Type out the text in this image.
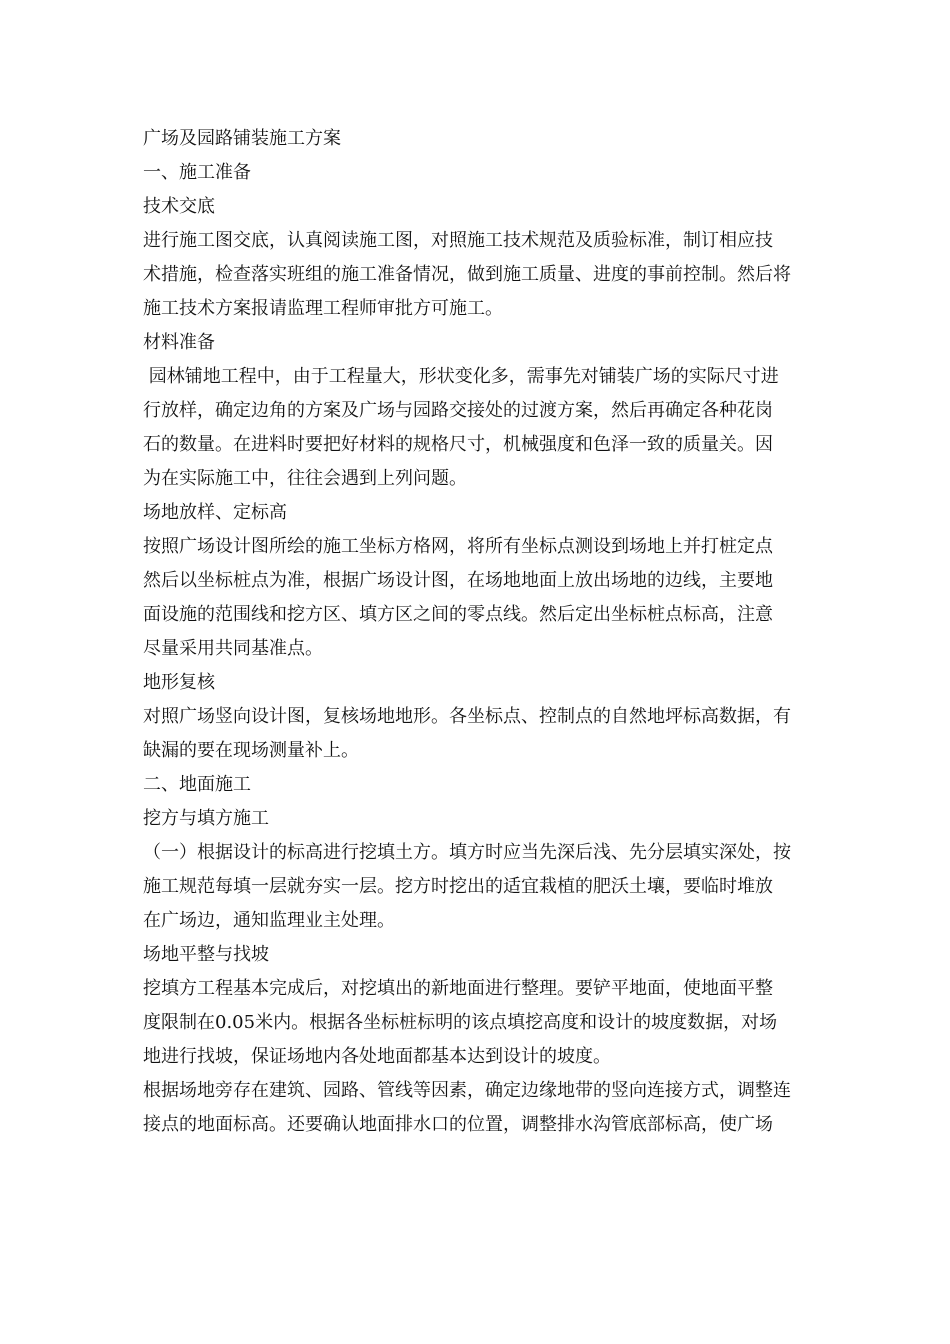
广场及园路铺装施工方案
一、施工准备
技术交底
进行施工图交底，认真阅读施工图，对照施工技术规范及质验标准，制订相应技
术措施，检查落实班组的施工准备情况，做到施工质量、进度的事前控制。然后将
施工技术方案报请监理工程师审批方可施工。
材料准备
园林铺地工程中，由于工程量大，形状变化多，需事先对铺装广场的实际尺寸进
行放样，确定边角的方案及广场与园路交接处的过渡方案，然后再确定各种花岗
石的数量。在进料时要把好材料的规格尺寸，机械强度和色泽一致的质量关。因
为在实际施工中，往往会遇到上列问题。
场地放样、定标高
按照广场设计图所绘的施工坐标方格网，将所有坐标点测设到场地上并打桩定点
然后以坐标桩点为准，根据广场设计图，在场地地面上放出场地的边线，主要地
面设施的范围线和挖方区、填方区之间的零点线。然后定出坐标桩点标高，注意
尽量采用共同基准点。
地形复核
对照广场竖向设计图，复核场地地形。各坐标点、控制点的自然地坪标高数据，有
缺漏的要在现场测量补上。
二、地面施工
挖方与填方施工
（一）根据设计的标高进行挖填土方。填方时应当先深后浅、先分层填实深处，按
施工规范每填一层就夯实一层。挖方时挖出的适宜栽植的肥沃土壤，要临时堆放
在广场边，通知监理业主处理。
场地平整与找坡
挖填方工程基本完成后，对挖填出的新地面进行整理。要铲平地面，使地面平整
度限制在0.05米内。根据各坐标桩标明的该点填挖高度和设计的坡度数据，对场
地进行找坡，保证场地内各处地面都基本达到设计的坡度。
根据场地旁存在建筑、园路、管线等因素，确定边缘地带的竖向连接方式，调整连
接点的地面标高。还要确认地面排水口的位置，调整排水沟管底部标高，使广场
